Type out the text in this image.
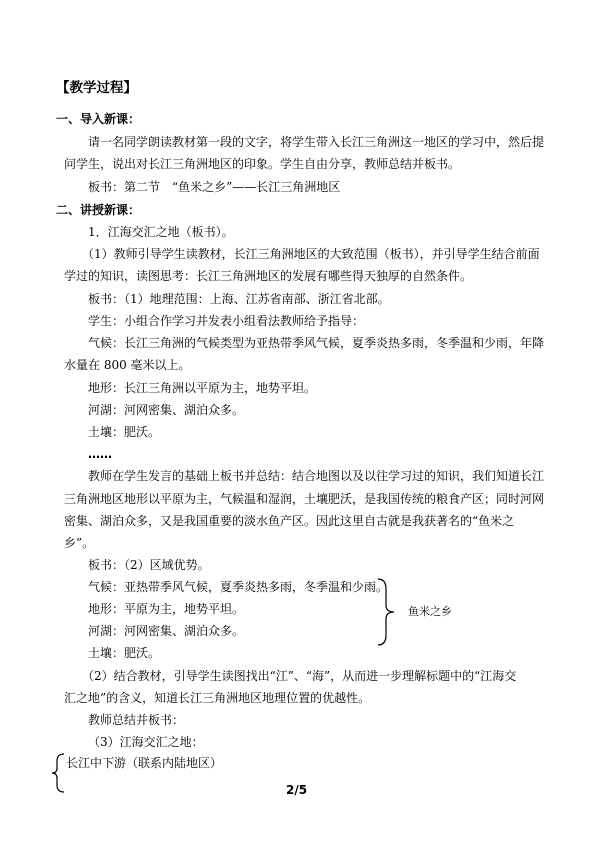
【教学过程】
一、导入新课：
请一名同学朗读教材第一段的文字，将学生带入长江三角洲这一地区的学习中，然后提
问学生，说出对长江三角洲地区的印象。学生自由分享，教师总结并板书。
板书：第二节　“鱼米之乡”——长江三角洲地区
二、讲授新课：
1．江海交汇之地（板书）。
（1）教师引导学生读教材，长江三角洲地区的大致范围（板书），并引导学生结合前面
学过的知识，读图思考：长江三角洲地区的发展有哪些得天独厚的自然条件。
板书：（1）地理范围：上海、江苏省南部、浙江省北部。
学生：小组合作学习并发表小组看法教师给予指导：
气候：长江三角洲的气候类型为亚热带季风气候，夏季炎热多雨，冬季温和少雨，年降
水量在 800 毫米以上。
地形：长江三角洲以平原为主，地势平坦。
河湖：河网密集、湖泊众多。
土壤：肥沃。
……
教师在学生发言的基础上板书并总结：结合地图以及以往学习过的知识，我们知道长江
三角洲地区地形以平原为主，气候温和湿润，土壤肥沃，是我国传统的粮食产区；同时河网
密集、湖泊众多，又是我国重要的淡水鱼产区。因此这里自古就是我获著名的“鱼米之
乡”。
板书：（2）区域优势。
气候：亚热带季风气候，夏季炎热多雨，冬季温和少雨。
地形：平原为主，地势平坦。
河湖：河网密集、湖泊众多。
土壤：肥沃。
鱼米之乡
（2）结合教材，引导学生读图找出“江”、“海”，从而进一步理解标题中的“江海交
汇之地”的含义，知道长江三角洲地区地理位置的优越性。
教师总结并板书：
（3）江海交汇之地：
长江中下游（联系内陆地区）
2/5
